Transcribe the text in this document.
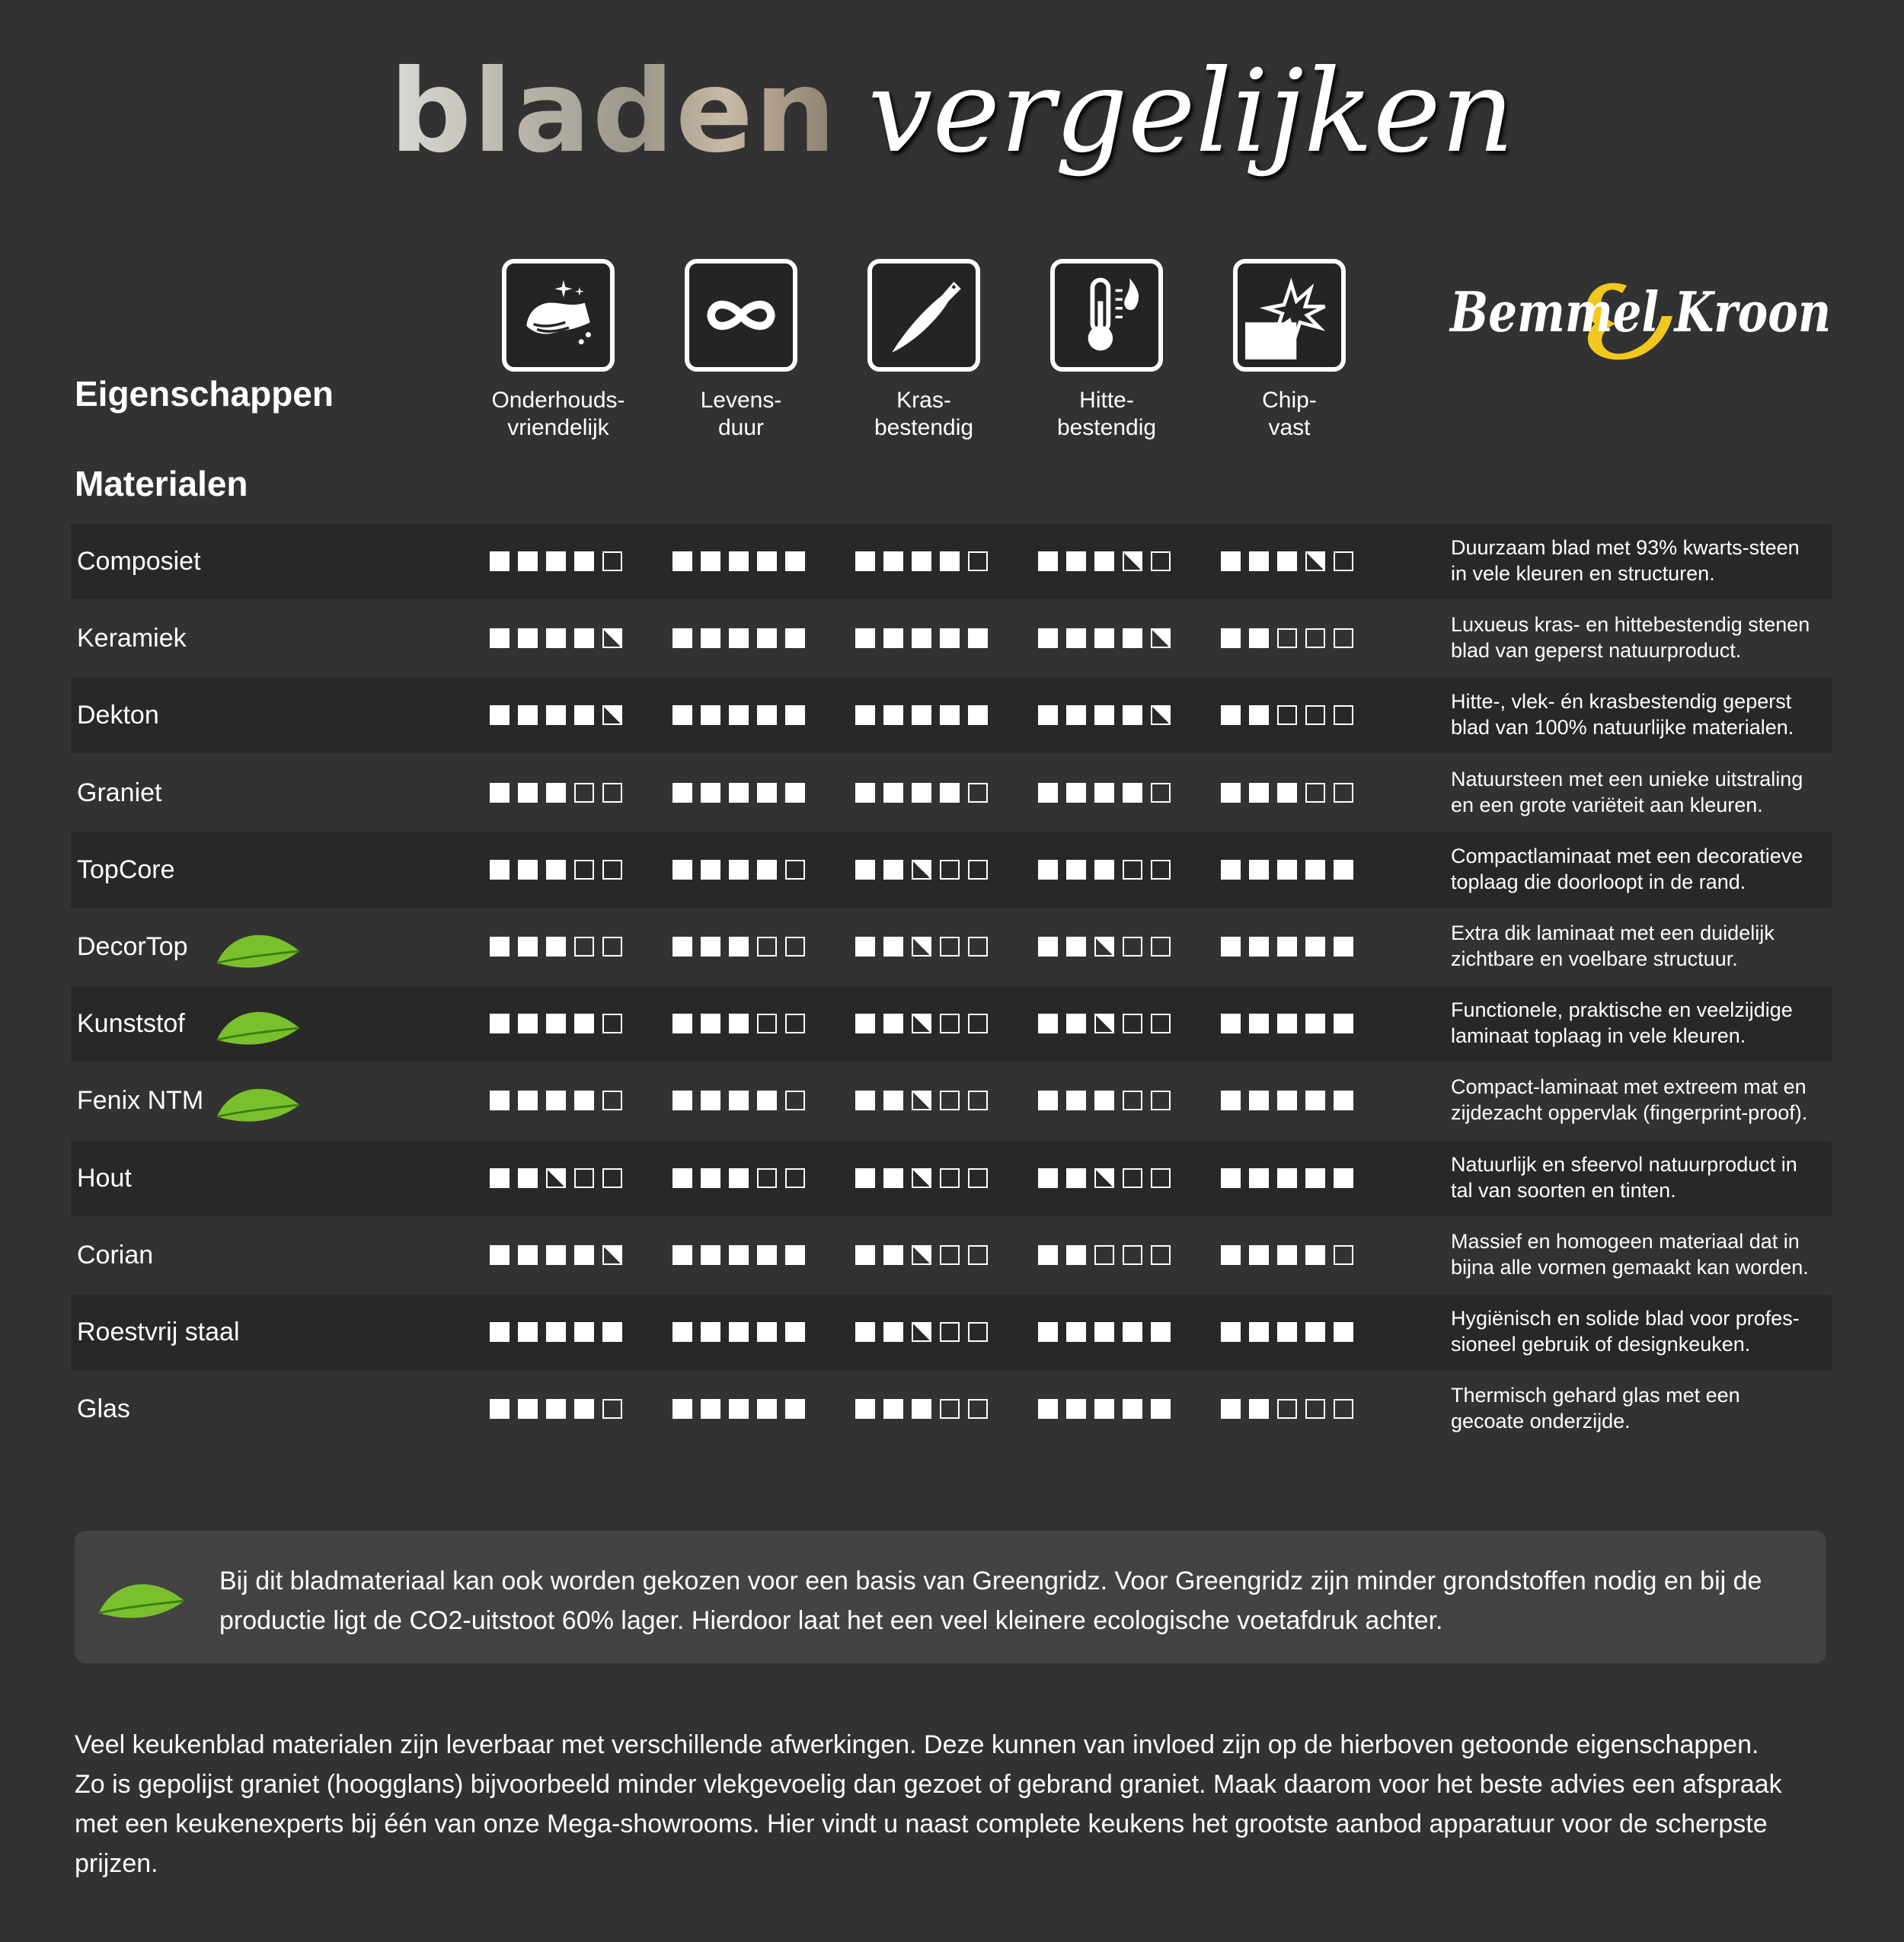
bladen vergelijken
Eigenschappen
Materialen
Onderhouds-
vriendelijk
Levens-
duur
Kras-
bestendig
Hitte-
bestendig
Chip-
vast
Bemmel Kroon
Composiet	Duurzaam blad met 93% kwarts-steen
in vele kleuren en structuren.
Keramiek	Luxueus kras- en hittebestendig stenen
blad van geperst natuurproduct.
Dekton	Hitte-, vlek- én krasbestendig geperst
blad van 100% natuurlijke materialen.
Graniet	Natuursteen met een unieke uitstraling
en een grote variëteit aan kleuren.
TopCore	Compactlaminaat met een decoratieve
toplaag die doorloopt in de rand.
DecorTop	Extra dik laminaat met een duidelijk
zichtbare en voelbare structuur.
Kunststof	Functionele, praktische en veelzijdige
laminaat toplaag in vele kleuren.
Fenix NTM	Compact-laminaat met extreem mat en
zijdezacht oppervlak (fingerprint-proof).
Hout	Natuurlijk en sfeervol natuurproduct in
tal van soorten en tinten.
Corian	Massief en homogeen materiaal dat in
bijna alle vormen gemaakt kan worden.
Roestvrij staal	Hygiënisch en solide blad voor profes-
sioneel gebruik of designkeuken.
Glas	Thermisch gehard glas met een
gecoate onderzijde.
Bij dit bladmateriaal kan ook worden gekozen voor een basis van Greengridz. Voor Greengridz zijn minder grondstoffen nodig en bij de
productie ligt de CO2-uitstoot 60% lager. Hierdoor laat het een veel kleinere ecologische voetafdruk achter.
Veel keukenblad materialen zijn leverbaar met verschillende afwerkingen. Deze kunnen van invloed zijn op de hierboven getoonde eigenschappen.
Zo is gepolijst graniet (hoogglans) bijvoorbeeld minder vlekgevoelig dan gezoet of gebrand graniet. Maak daarom voor het beste advies een afspraak
met een keukenexperts bij één van onze Mega-showrooms. Hier vindt u naast complete keukens het grootste aanbod apparatuur voor de scherpste
prijzen.
